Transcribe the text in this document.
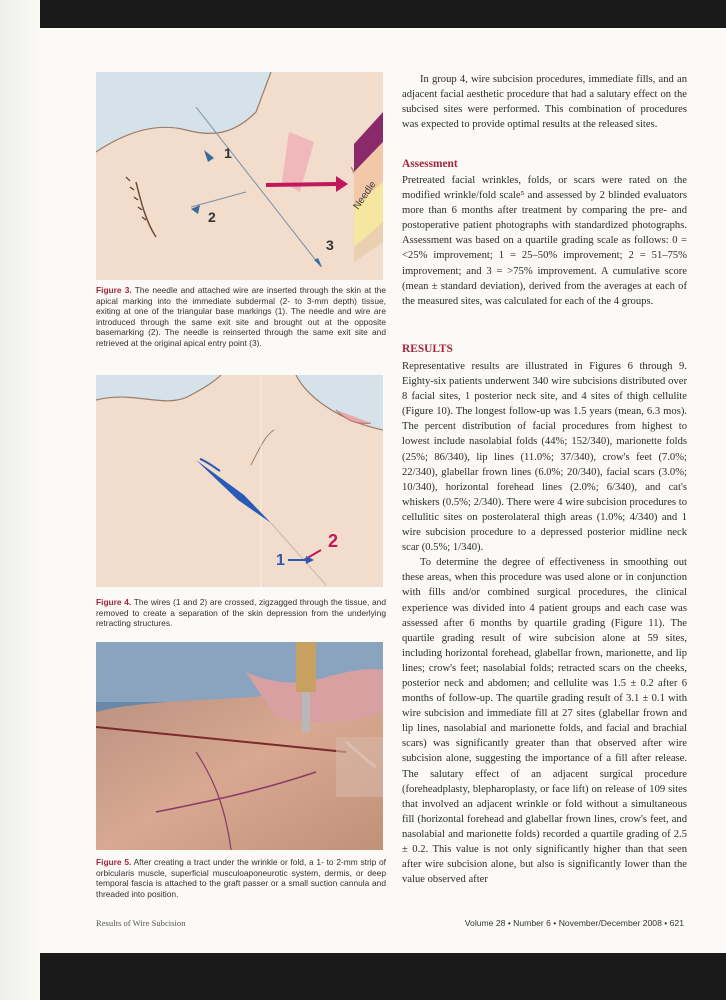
Needle
1
2
3
Figure 3. The needle and attached wire are inserted through the skin at the apical marking into the immediate subdermal (2- to 3-mm depth) tissue, exiting at one of the triangular base markings (1). The needle and wire are introduced through the same exit site and brought out at the opposite basemarking (2). The needle is reinserted through the same exit site and retrieved at the original apical entry point (3).
2
1
Figure 4. The wires (1 and 2) are crossed, zigzagged through the tissue, and removed to create a separation of the skin depression from the underlying retracting structures.
Figure 5. After creating a tract under the wrinkle or fold, a 1- to 2-mm strip of orbicularis muscle, superficial musculoaponeurotic system, dermis, or deep temporal fascia is attached to the graft passer or a small suction cannula and threaded into position.

In group 4, wire subcision procedures, immediate fills, and an adjacent facial aesthetic procedure that had a salutary effect on the subcised sites were performed. This combination of procedures was expected to provide optimal results at the released sites.

Assessment

Pretreated facial wrinkles, folds, or scars were rated on the modified wrinkle/fold scale⁵ and assessed by 2 blinded evaluators more than 6 months after treatment by comparing the pre- and postoperative patient photographs with standardized photographs. Assessment was based on a quartile grading scale as follows: 0 = <25% improvement; 1 = 25–50% improvement; 2 = 51–75% improvement; and 3 = >75% improvement. A cumulative score (mean ± standard deviation), derived from the averages at each of the measured sites, was calculated for each of the 4 groups.

RESULTS

Representative results are illustrated in Figures 6 through 9. Eighty-six patients underwent 340 wire subcisions distributed over 8 facial sites, 1 posterior neck site, and 4 sites of thigh cellulite (Figure 10). The longest follow-up was 1.5 years (mean, 6.3 mos). The percent distribution of facial procedures from highest to lowest include nasolabial folds (44%; 152/340), marionette folds (25%; 86/340), lip lines (11.0%; 37/340), crow's feet (7.0%; 22/340), glabellar frown lines (6.0%; 20/340), facial scars (3.0%; 10/340), horizontal forehead lines (2.0%; 6/340), and cat's whiskers (0.5%; 2/340). There were 4 wire subcision procedures to cellulitic sites on posterolateral thigh areas (1.0%; 4/340) and 1 wire subcision procedure to a depressed posterior midline neck scar (0.5%; 1/340).

To determine the degree of effectiveness in smoothing out these areas, when this procedure was used alone or in conjunction with fills and/or combined surgical procedures, the clinical experience was divided into 4 patient groups and each case was assessed after 6 months by quartile grading (Figure 11). The quartile grading result of wire subcision alone at 59 sites, including horizontal forehead, glabellar frown, marionette, and lip lines; crow's feet; nasolabial folds; retracted scars on the cheeks, posterior neck and abdomen; and cellulite was 1.5 ± 0.2 after 6 months of follow-up. The quartile grading result of 3.1 ± 0.1 with wire subcision and immediate fill at 27 sites (glabellar frown and lip lines, nasolabial and marionette folds, and facial and brachial scars) was significantly greater than that observed after wire subcision alone, suggesting the importance of a fill after release. The salutary effect of an adjacent surgical procedure (foreheadplasty, blepharoplasty, or face lift) on release of 109 sites that involved an adjacent wrinkle or fold without a simultaneous fill (horizontal forehead and glabellar frown lines, crow's feet, and nasolabial and marionette folds) recorded a quartile grading of 2.5 ± 0.2. This value is not only significantly higher than that seen after wire subcision alone, but also is significantly lower than the value observed after

Results of Wire Subcision	Volume 28 • Number 6 • November/December 2008 • 621
